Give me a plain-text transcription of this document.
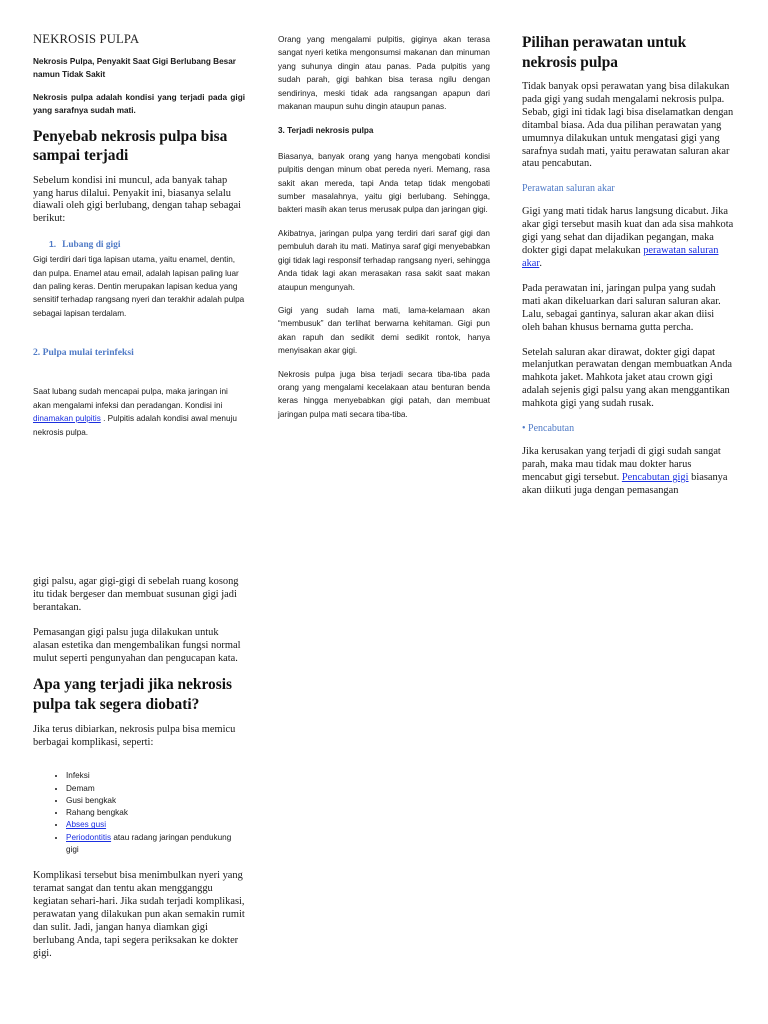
NEKROSIS PULPA

Nekrosis Pulpa, Penyakit Saat Gigi Berlubang Besar namun Tidak Sakit

Nekrosis pulpa adalah kondisi yang terjadi pada gigi yang sarafnya sudah mati.

Penyebab nekrosis pulpa bisa sampai terjadi

Sebelum kondisi ini muncul, ada banyak tahap yang harus dilalui. Penyakit ini, biasanya selalu diawali oleh gigi berlubang, dengan tahap sebagai berikut:

1. Lubang di gigi

Gigi terdiri dari tiga lapisan utama, yaitu enamel, dentin, dan pulpa. Enamel atau email, adalah lapisan paling luar dan paling keras. Dentin merupakan lapisan kedua yang sensitif terhadap rangsang nyeri dan terakhir adalah pulpa sebagai lapisan terdalam.

2. Pulpa mulai terinfeksi

Saat lubang sudah mencapai pulpa, maka jaringan ini akan mengalami infeksi dan peradangan. Kondisi ini dinamakan pulpitis . Pulpitis adalah kondisi awal menuju nekrosis pulpa.

Orang yang mengalami pulpitis, giginya akan terasa sangat nyeri ketika mengonsumsi makanan dan minuman yang suhunya dingin atau panas. Pada pulpitis yang sudah parah, gigi bahkan bisa terasa ngilu dengan sendirinya, meski tidak ada rangsangan apapun dari makanan maupun suhu dingin ataupun panas.

3. Terjadi nekrosis pulpa

Biasanya, banyak orang yang hanya mengobati kondisi pulpitis dengan minum obat pereda nyeri. Memang, rasa sakit akan mereda, tapi Anda tetap tidak mengobati sumber masalahnya, yaitu gigi berlubang. Sehingga, bakteri masih akan terus merusak pulpa dan jaringan gigi.

Akibatnya, jaringan pulpa yang terdiri dari saraf gigi dan pembuluh darah itu mati. Matinya saraf gigi menyebabkan gigi tidak lagi responsif terhadap rangsang nyeri, sehingga Anda tidak lagi akan merasakan rasa sakit saat makan ataupun mengunyah.

Gigi yang sudah lama mati, lama-kelamaan akan “membusuk” dan terlihat berwarna kehitaman. Gigi pun akan rapuh dan sedikit demi sedikit rontok, hanya menyisakan akar gigi.

Nekrosis pulpa juga bisa terjadi secara tiba-tiba pada orang yang mengalami kecelakaan atau benturan benda keras hingga menyebabkan gigi patah, dan membuat jaringan pulpa mati secara tiba-tiba.

Pilihan perawatan untuk nekrosis pulpa

Tidak banyak opsi perawatan yang bisa dilakukan pada gigi yang sudah mengalami nekrosis pulpa. Sebab, gigi ini tidak lagi bisa diselamatkan dengan ditambal biasa. Ada dua pilihan perawatan yang umumnya dilakukan untuk mengatasi gigi yang sarafnya sudah mati, yaitu perawatan saluran akar atau pencabutan.

Perawatan saluran akar

Gigi yang mati tidak harus langsung dicabut. Jika akar gigi tersebut masih kuat dan ada sisa mahkota gigi yang sehat dan dijadikan pegangan, maka dokter gigi dapat melakukan perawatan saluran akar.

Pada perawatan ini, jaringan pulpa yang sudah mati akan dikeluarkan dari saluran saluran akar. Lalu, sebagai gantinya, saluran akar akan diisi oleh bahan khusus bernama gutta percha.

Setelah saluran akar dirawat, dokter gigi dapat melanjutkan perawatan dengan membuatkan Anda mahkota jaket. Mahkota jaket atau crown gigi adalah sejenis gigi palsu yang akan menggantikan mahkota gigi yang sudah rusak.

• Pencabutan

Jika kerusakan yang terjadi di gigi sudah sangat parah, maka mau tidak mau dokter harus mencabut gigi tersebut. Pencabutan gigi biasanya akan diikuti juga dengan pemasangan

gigi palsu, agar gigi-gigi di sebelah ruang kosong itu tidak bergeser dan membuat susunan gigi jadi berantakan.

Pemasangan gigi palsu juga dilakukan untuk alasan estetika dan mengembalikan fungsi normal mulut seperti pengunyahan dan pengucapan kata.

Apa yang terjadi jika nekrosis pulpa tak segera diobati?

Jika terus dibiarkan, nekrosis pulpa bisa memicu berbagai komplikasi, seperti:

• Infeksi
• Demam
• Gusi bengkak
• Rahang bengkak
• Abses gusi
• Periodontitis atau radang jaringan pendukung gigi

Komplikasi tersebut bisa menimbulkan nyeri yang teramat sangat dan tentu akan mengganggu kegiatan sehari-hari. Jika sudah terjadi komplikasi, perawatan yang dilakukan pun akan semakin rumit dan sulit. Jadi, jangan hanya diamkan gigi berlubang Anda, tapi segera periksakan ke dokter gigi.
